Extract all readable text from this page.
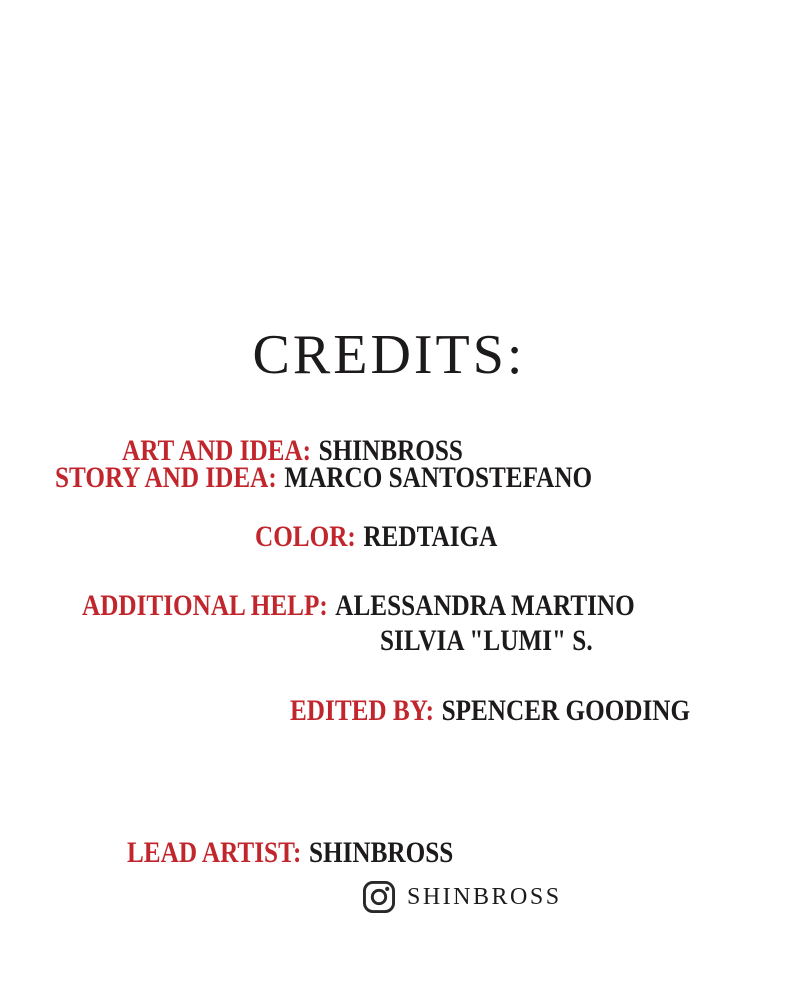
CREDITS:
ART AND IDEA: SHINBROSS
STORY AND IDEA: MARCO SANTOSTEFANO
COLOR: REDTAIGA
ADDITIONAL HELP: ALESSANDRA MARTINO
SILVIA "LUMI" S.
EDITED BY: SPENCER GOODING
LEAD ARTIST: SHINBROSS
SHINBROSS
